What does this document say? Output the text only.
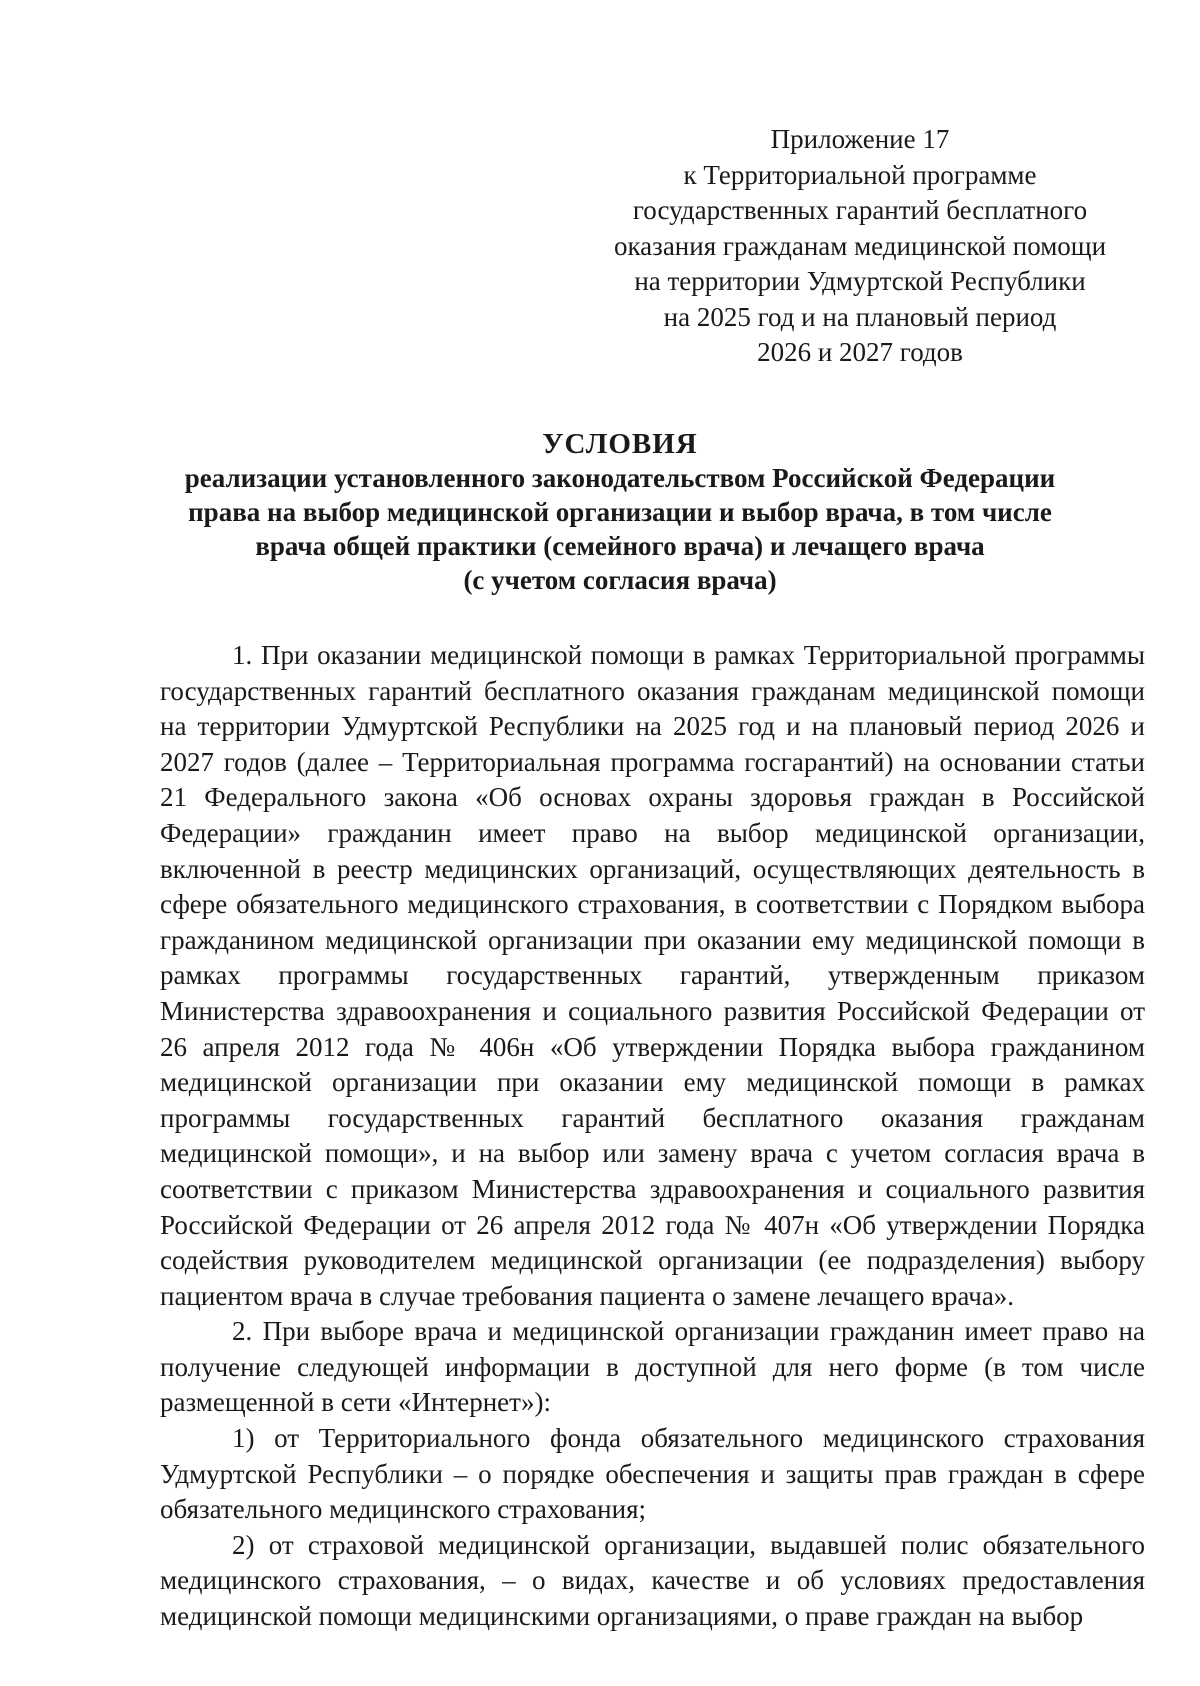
Приложение 17
к Территориальной программе
государственных гарантий бесплатного
оказания гражданам медицинской помощи
на территории Удмуртской Республики
на 2025 год и на плановый период
2026 и 2027 годов
УСЛОВИЯ
реализации установленного законодательством Российской Федерации
права на выбор медицинской организации и выбор врача, в том числе
врача общей практики (семейного врача) и лечащего врача
(с учетом согласия врача)

1. При оказании медицинской помощи в рамках Территориальной программы государственных гарантий бесплатного оказания гражданам медицинской помощи на территории Удмуртской Республики на 2025 год и на плановый период 2026 и 2027 годов (далее – Территориальная программа госгарантий) на основании статьи 21 Федерального закона «Об основах охраны здоровья граждан в Российской Федерации» гражданин имеет право на выбор медицинской организации, включенной в реестр медицинских организаций, осуществляющих деятельность в сфере обязательного медицинского страхования, в соответствии с Порядком выбора гражданином медицинской организации при оказании ему медицинской помощи в рамках программы государственных гарантий, утвержденным приказом Министерства здравоохранения и социального развития Российской Федерации от 26 апреля 2012 года № 406н «Об утверждении Порядка выбора гражданином медицинской организации при оказании ему медицинской помощи в рамках программы государственных гарантий бесплатного оказания гражданам медицинской помощи», и на выбор или замену врача с учетом согласия врача в соответствии с приказом Министерства здравоохранения и социального развития Российской Федерации от 26 апреля 2012 года № 407н «Об утверждении Порядка содействия руководителем медицинской организации (ее подразделения) выбору пациентом врача в случае требования пациента о замене лечащего врача».

2. При выборе врача и медицинской организации гражданин имеет право на получение следующей информации в доступной для него форме (в том числе размещенной в сети «Интернет»):

1) от Территориального фонда обязательного медицинского страхования Удмуртской Республики – о порядке обеспечения и защиты прав граждан в сфере обязательного медицинского страхования;

2) от страховой медицинской организации, выдавшей полис обязательного медицинского страхования, – о видах, качестве и об условиях предоставления медицинской помощи медицинскими организациями, о праве граждан на выбор
